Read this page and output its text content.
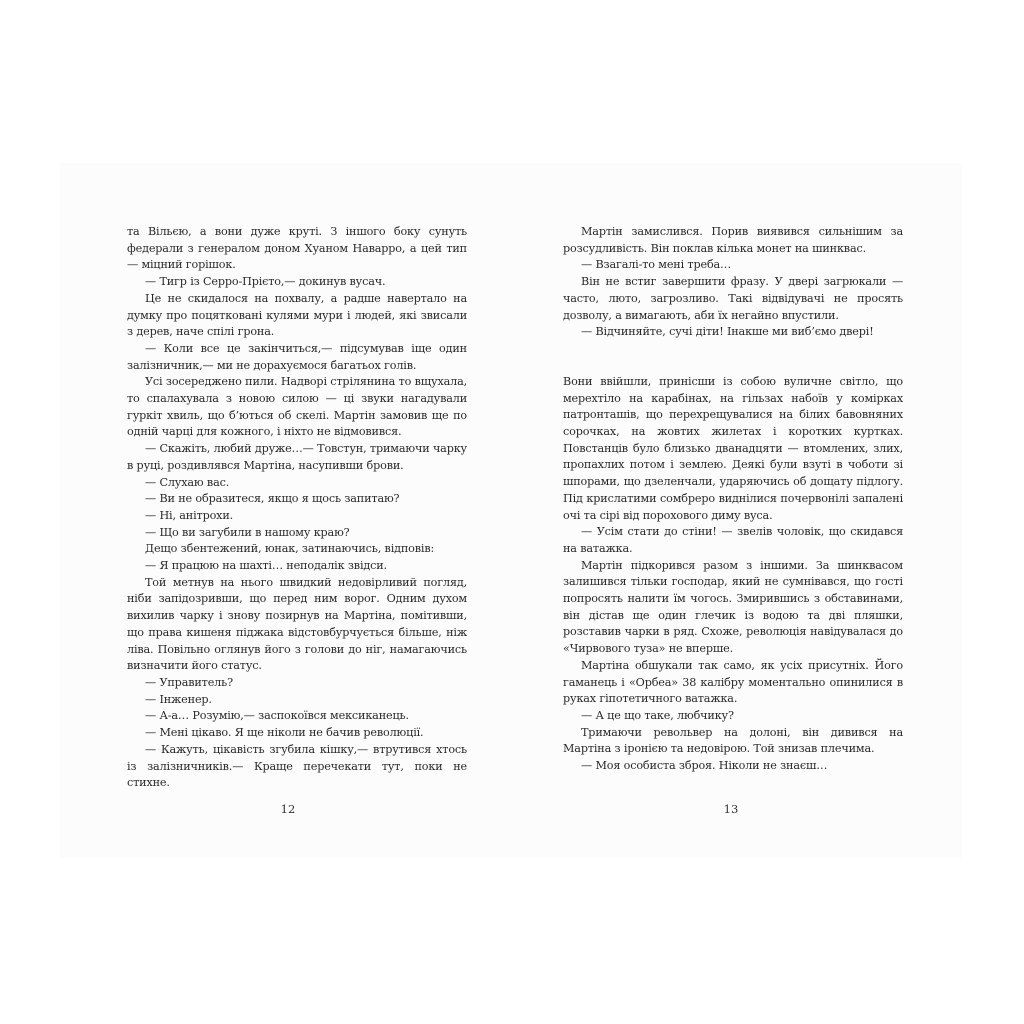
та Вільєю, а вони дуже круті. З іншого боку сунуть федерали з генералом доном Хуаном Наварро, а цей тип — міцний горішок.

— Тигр із Серро-Прієто,— докинув вусач.

Це не скидалося на похвалу, а радше навертало на думку про поцятковані кулями мури і людей, які звисали з дерев, наче спілі грона.

— Коли все це закінчиться,— підсумував іще один залізничник,— ми не дорахуємося багатьох голів.

Усі зосереджено пили. Надворі стрілянина то вщухала, то спалахувала з новою силою — ці звуки нагадували гуркіт хвиль, що б’ються об скелі. Мартін замовив ще по одній чарці для кожного, і ніхто не відмовився.

— Скажіть, любий друже…— Товстун, тримаючи чарку в руці, роздивлявся Мартіна, насупивши брови.

— Слухаю вас.

— Ви не образитеся, якщо я щось запитаю?

— Ні, анітрохи.

— Що ви загубили в нашому краю?

Дещо збентежений, юнак, затинаючись, відповів:

— Я працюю на шахті… неподалік звідси.

Той метнув на нього швидкий недовірливий погляд, ніби запідозривши, що перед ним ворог. Одним духом вихилив чарку і знову позирнув на Мартіна, помітивши, що права кишеня піджака відстовбурчується більше, ніж ліва. Повільно оглянув його з голови до ніг, намагаючись визначити його статус.

— Управитель?

— Інженер.

— А-а… Розумію,— заспокоївся мексиканець.

— Мені цікаво. Я ще ніколи не бачив революції.

— Кажуть, цікавість згубила кішку,— втрутився хтось із залізничників.— Краще перечекати тут, поки не стихне.

Мартін замислився. Порив виявився сильнішим за розсудливість. Він поклав кілька монет на шинквас.

— Взагалі-то мені треба…

Він не встиг завершити фразу. У двері загрюкали — часто, люто, загрозливо. Такі відвідувачі не просять дозволу, а вимагають, аби їх негайно впустили.

— Відчиняйте, сучі діти! Інакше ми виб’ємо двері!

Вони ввійшли, принісши із собою вуличне світло, що мерехтіло на карабінах, на гільзах набоїв у комірках патронташів, що перехрещувалися на білих бавовняних сорочках, на жовтих жилетах і коротких куртках. Повстанців було близько дванадцяти — втомлених, злих, пропахлих потом і землею. Деякі були взуті в чоботи зі шпорами, що дзеленчали, ударяючись об дощату підлогу. Під крислатими сомбреро виднілися почервонілі запалені очі та сірі від порохового диму вуса.

— Усім стати до стіни! — звелів чоловік, що скидався на ватажка.

Мартін підкорився разом з іншими. За шинквасом залишився тільки господар, який не сумнівався, що гості попросять налити їм чогось. Змирившись з обставинами, він дістав ще один глечик із водою та дві пляшки, розставив чарки в ряд. Схоже, революція навідувалася до «Чирвового туза» не вперше.

Мартіна обшукали так само, як усіх присутніх. Його гаманець і «Орбеа» 38 калібру моментально опинилися в руках гіпотетичного ватажка.

— А це що таке, любчику?

Тримаючи револьвер на долоні, він дивився на Мартіна з іронією та недовірою. Той знизав плечима.

— Моя особиста зброя. Ніколи не знаєш…

12	13
